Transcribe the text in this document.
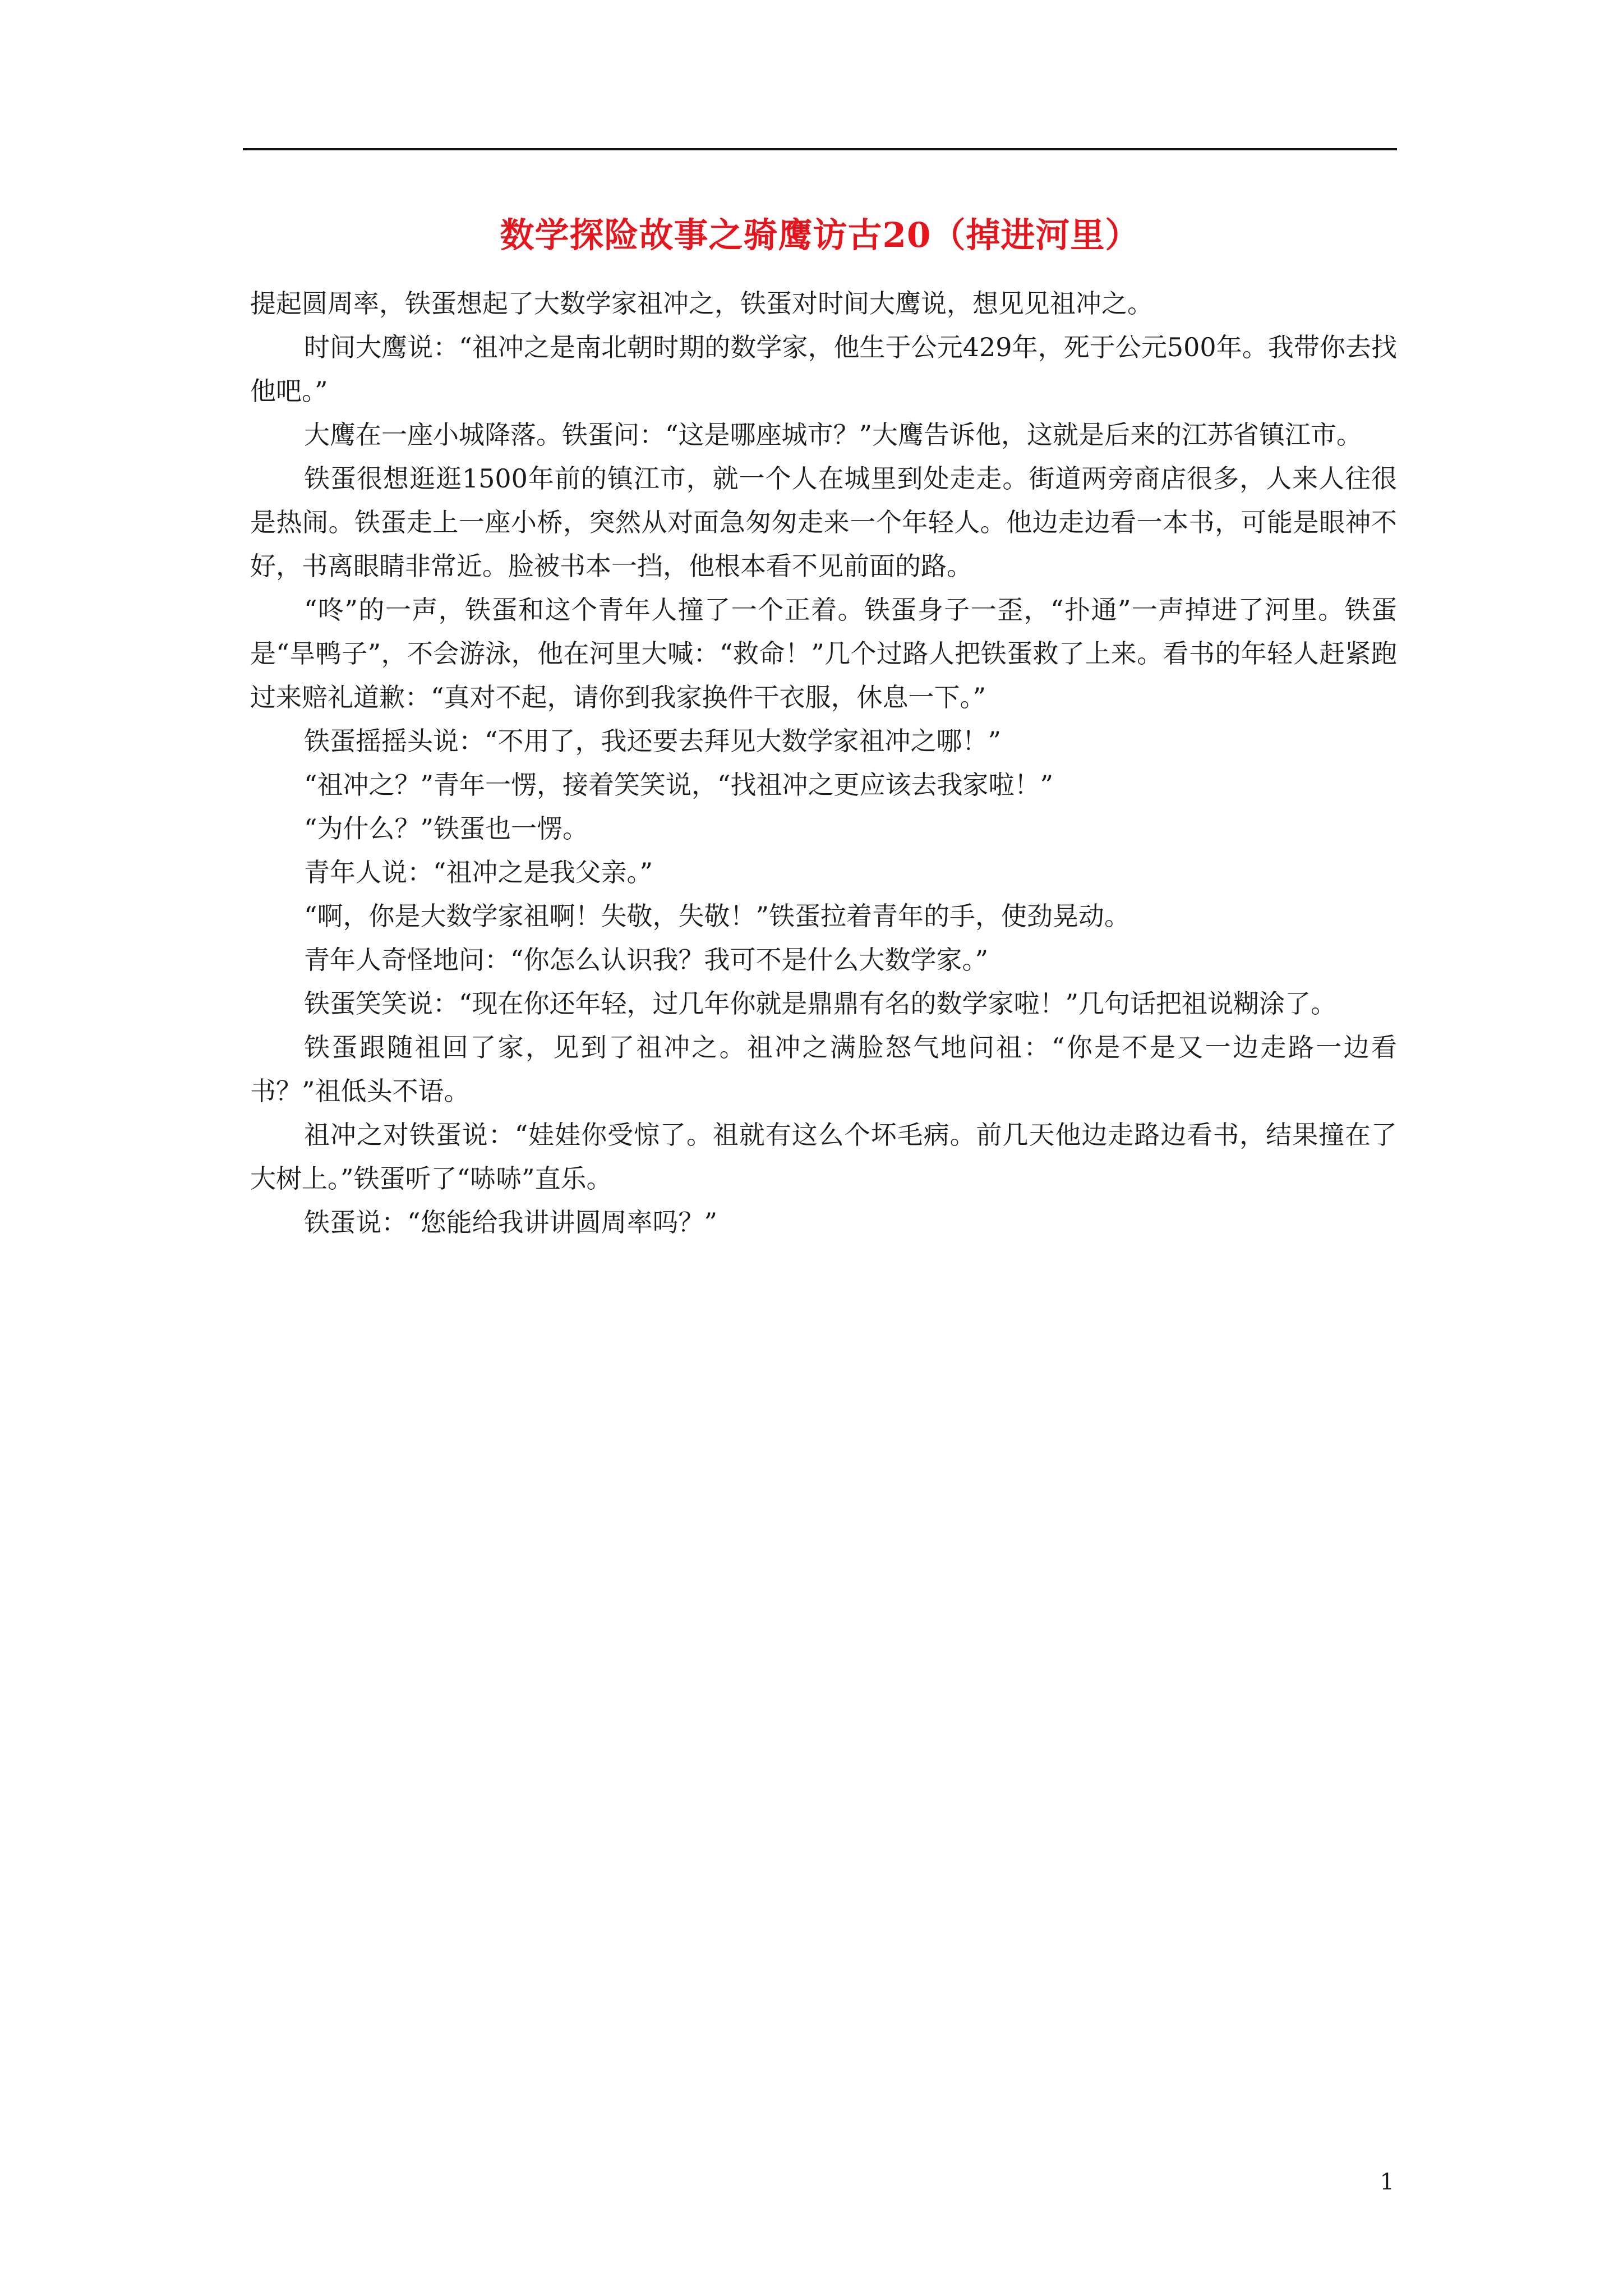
数学探险故事之骑鹰访古20（掉进河里）

提起圆周率，铁蛋想起了大数学家祖冲之，铁蛋对时间大鹰说，想见见祖冲之。

时间大鹰说：“祖冲之是南北朝时期的数学家，他生于公元429年，死于公元500年。我带你去找他吧。”

大鹰在一座小城降落。铁蛋问：“这是哪座城市？”大鹰告诉他，这就是后来的江苏省镇江市。

铁蛋很想逛逛1500年前的镇江市，就一个人在城里到处走走。街道两旁商店很多，人来人往很是热闹。铁蛋走上一座小桥，突然从对面急匆匆走来一个年轻人。他边走边看一本书，可能是眼神不好，书离眼睛非常近。脸被书本一挡，他根本看不见前面的路。

“咚”的一声，铁蛋和这个青年人撞了一个正着。铁蛋身子一歪，“扑通”一声掉进了河里。铁蛋是“旱鸭子”，不会游泳，他在河里大喊：“救命！”几个过路人把铁蛋救了上来。看书的年轻人赶紧跑过来赔礼道歉：“真对不起，请你到我家换件干衣服，休息一下。”

铁蛋摇摇头说：“不用了，我还要去拜见大数学家祖冲之哪！”

“祖冲之？”青年一愣，接着笑笑说，“找祖冲之更应该去我家啦！”

“为什么？”铁蛋也一愣。

青年人说：“祖冲之是我父亲。”

“啊，你是大数学家祖啊！失敬，失敬！”铁蛋拉着青年的手，使劲晃动。

青年人奇怪地问：“你怎么认识我？我可不是什么大数学家。”

铁蛋笑笑说：“现在你还年轻，过几年你就是鼎鼎有名的数学家啦！”几句话把祖说糊涂了。

铁蛋跟随祖回了家，见到了祖冲之。祖冲之满脸怒气地问祖：“你是不是又一边走路一边看书？”祖低头不语。

祖冲之对铁蛋说：“娃娃你受惊了。祖就有这么个坏毛病。前几天他边走路边看书，结果撞在了大树上。”铁蛋听了“哧哧”直乐。

铁蛋说：“您能给我讲讲圆周率吗？”

1
